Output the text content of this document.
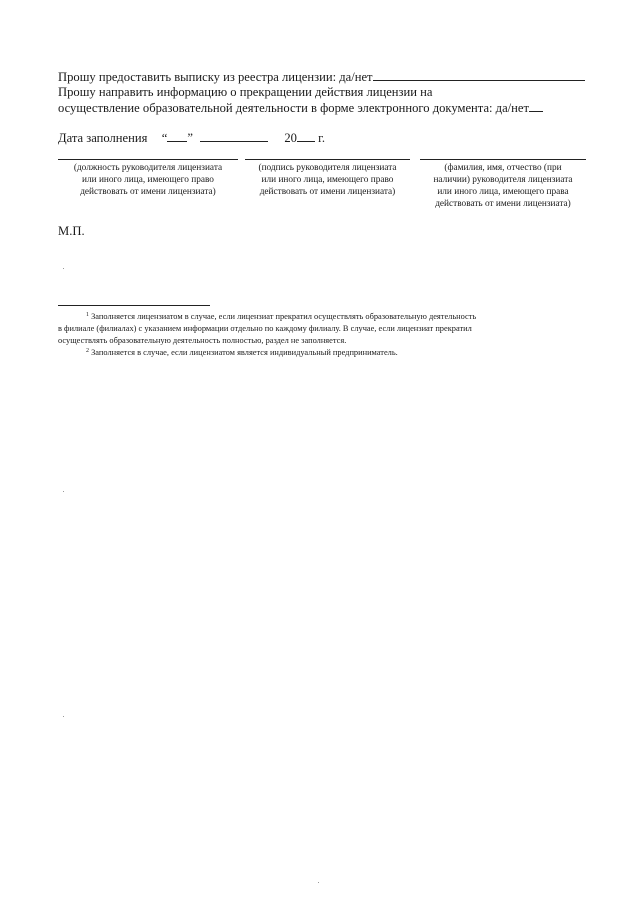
Прошу предоставить выписку из реестра лицензии: да/нет
Прошу направить информацию о прекращении действия лицензии на
осуществление образовательной деятельности в форме электронного документа: да/нет
Дата заполнения “ ”	20 г.
(должность руководителя лицензиата
или иного лица, имеющего право
действовать от имени лицензиата)
(подпись руководителя лицензиата
или иного лица, имеющего право
действовать от имени лицензиата)
(фамилия, имя, отчество (при
наличии) руководителя лицензиата
или иного лица, имеющего права
действовать от имени лицензиата)
М.П.
$^1$ Заполняется лицензиатом в случае, если лицензиат прекратил осуществлять образовательную деятельность
в филиале (филиалах) с указанием информации отдельно по каждому филиалу. В случае, если лицензиат прекратил
осуществлять образовательную деятельность полностью, раздел не заполняется.
$^2$ Заполняется в случае, если лицензиатом является индивидуальный предприниматель.
